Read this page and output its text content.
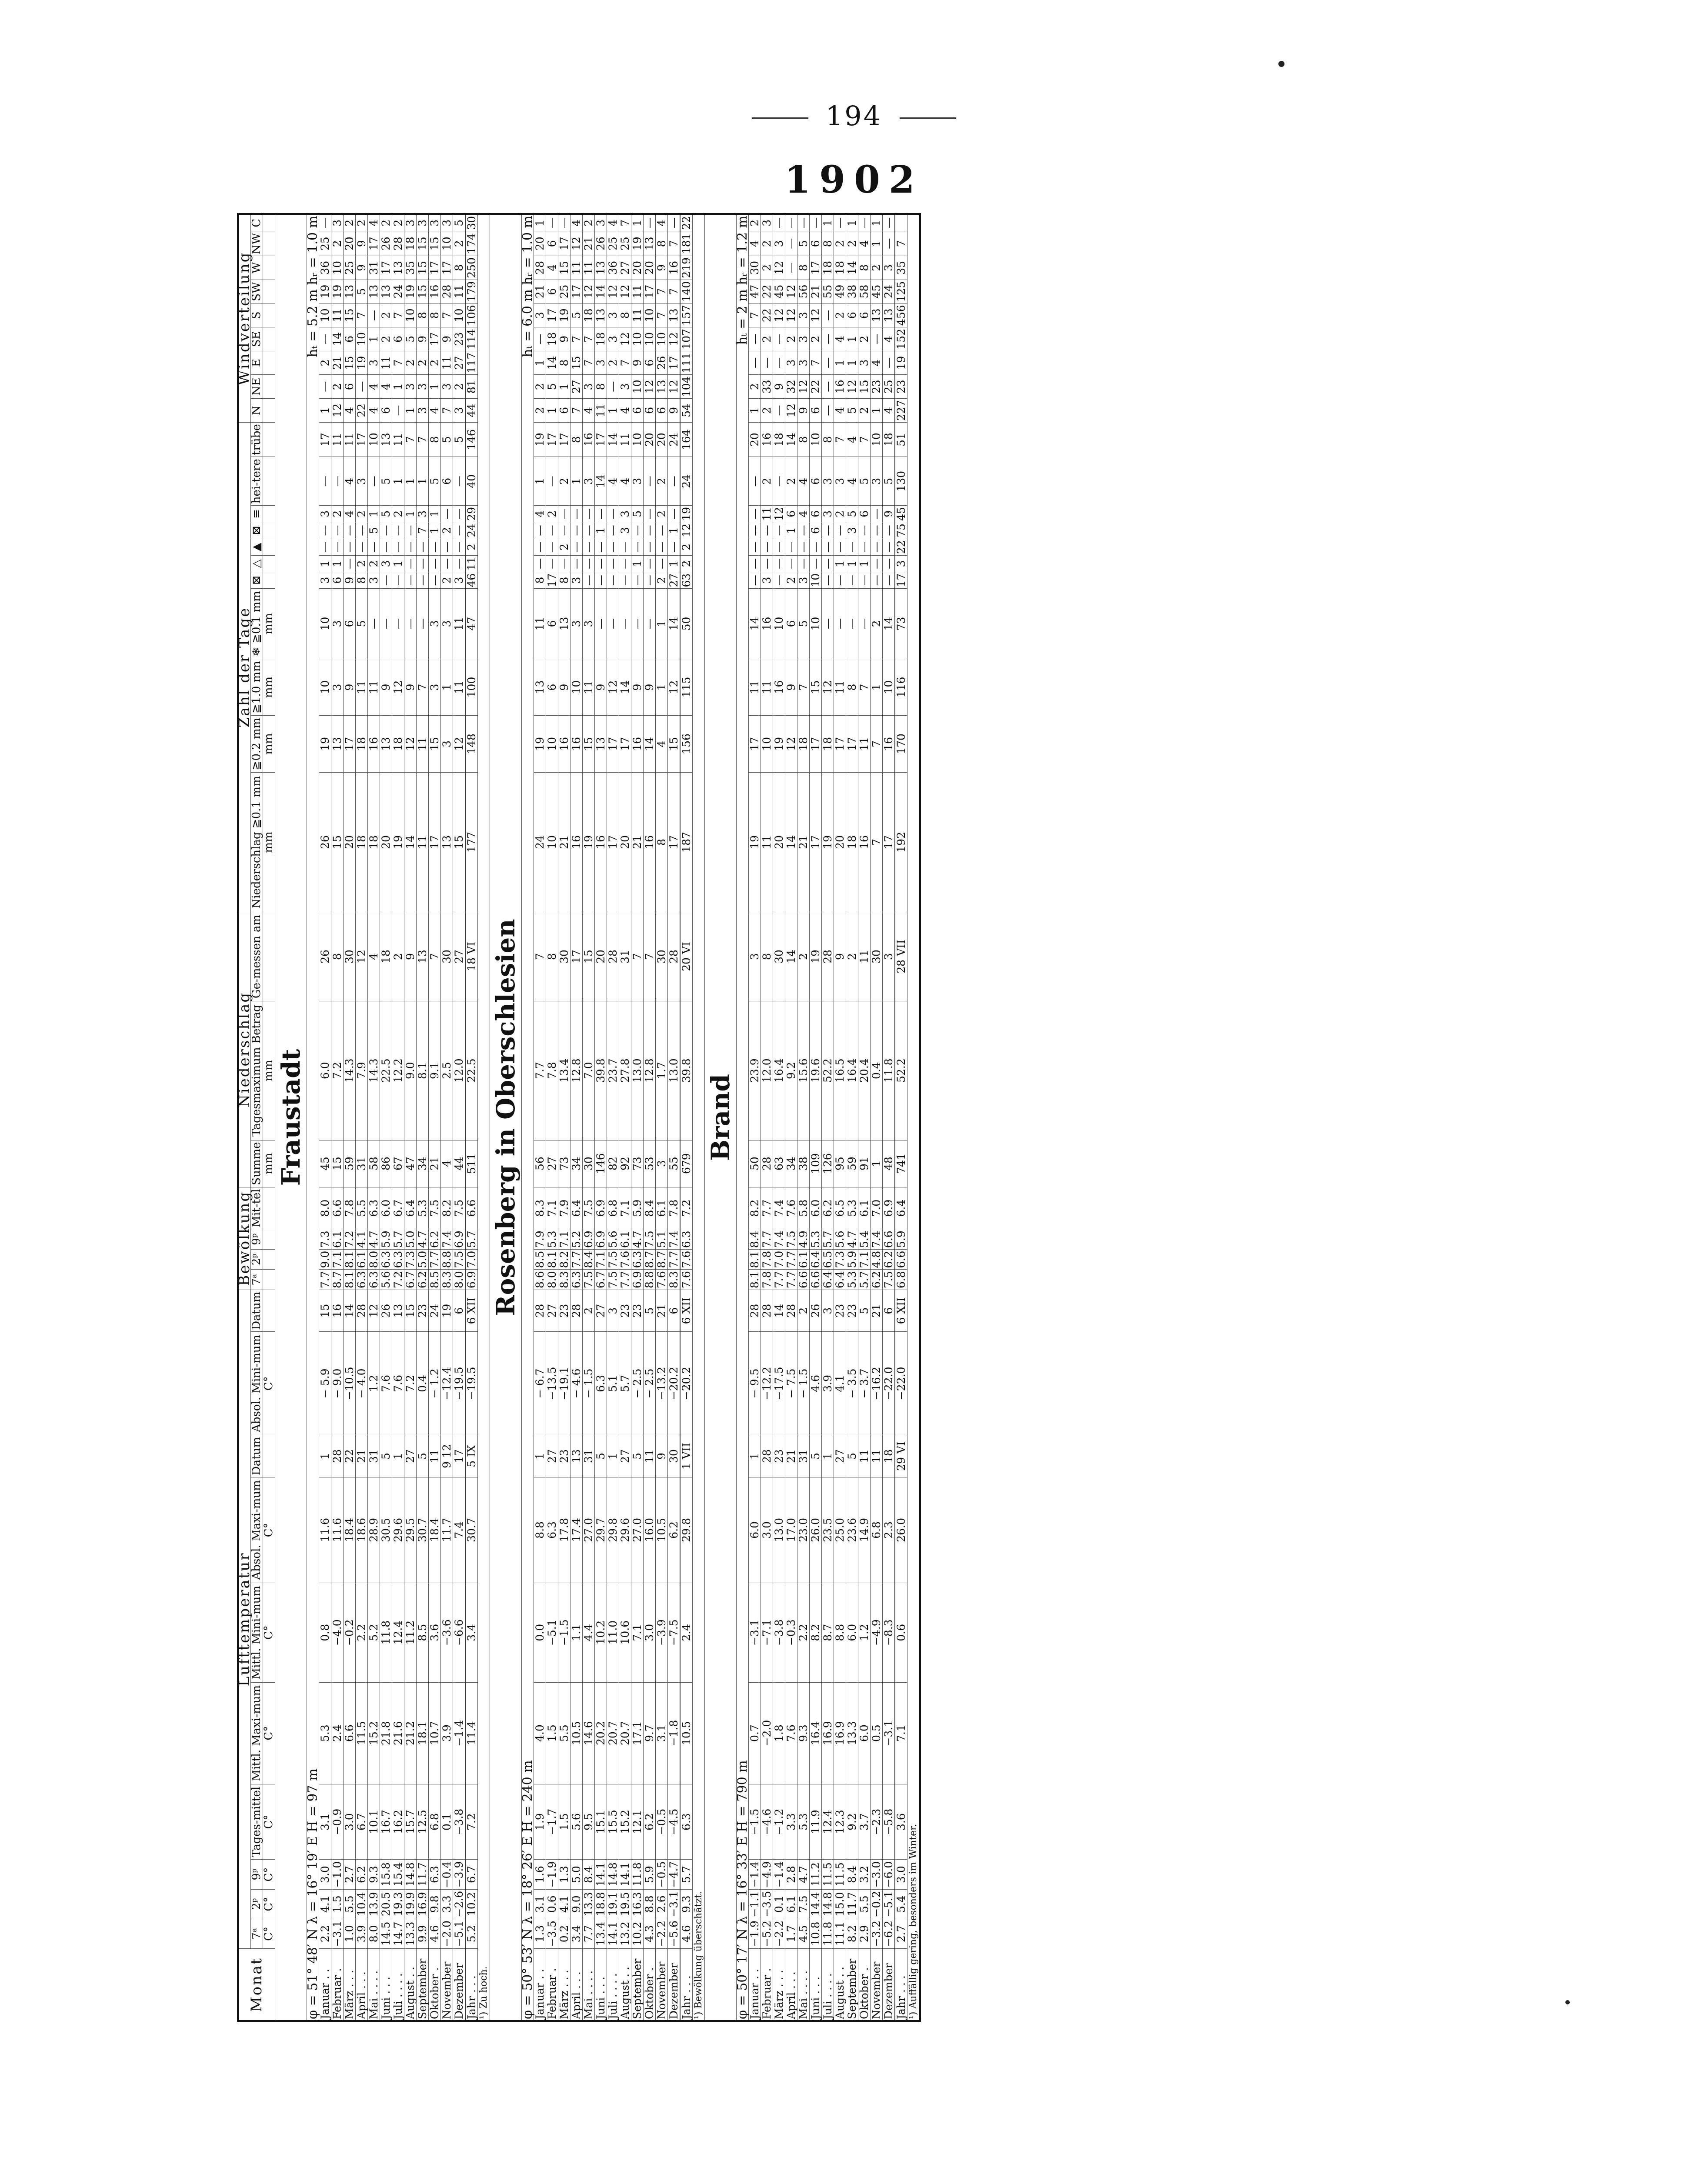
194
1902
Monat	Lufttemperatur										Bewölkung				Niederschlag			Zahl der Tage											Windverteilung								
	7ᵃ	2ᵖ	9ᵖ	Tages-mittel	Mittl. Maxi-mum	Mittl. Mini-mum	Absol. Maxi-mum	Datum	Absol. Mini-mum	Datum	7ᵃ	2ᵖ	9ᵖ	Mit-tel	Summe	Tagesmaximum Betrag	Ge-messen am	Niederschlag ≧0.1 mm	≧0.2 mm	≧1.0 mm	❄ ≧0.1 mm	⊠	△	▲	⊠	≡	hei-tere	trübe	N	NE	E	SE	S	SW	W	NW	C
	C°	C°	C°	C°	C°	C°	C°		C°						mm	mm		mm	mm	mm	mm																
Fraustadt																																					
φ = 51° 48′ N λ = 16° 19′ E H = 97 m																				hₜ = 5.2 m hᵣ = 1.0 m																	
Januar . .	2.2	4.1	3.0	3.1	5.3	0.8	11.6	1	− 5.9	15	7.7	9.0	7.3	8.0	45	6.0	26	26	19	10	10	3	1	—	—	3	—	17	1	—	2	—	10	19	36	25	—
Februar .	−3.1	1.5	−1.0	−0.9	2.4	−4.0	11.6	28	− 9.0	16	8.7	7.1	6.1	6.6	15	7.2	8	15	13	3	3	6	1	—	—	2	—	11	12	2	21	14	11	19	10	2	3
März . . .	1.0	5.5	2.7	3.0	6.6	−0.2	18.4	22	−10.5	14	8.1	8.1	7.2	7.8	59	14.3	30	20	17	9	6	9	—	—	—	4	4	11	4	6	15	6	15	13	25	20	2
April . . .	3.9	10.4	6.2	6.7	11.5	2.2	18.6	21	− 4.0	28	6.3	6.1	4.1	5.5	31	7.9	12	18	18	11	5	8	2	—	—	2	3	17	22	—	19	10	7	5	9	9	2
Mai . . . .	8.0	13.9	9.3	10.1	15.2	5.2	28.9	31	1.2	12	6.3	8.0	4.7	6.3	58	14.3	4	18	16	11	—	3	2	—	5	1	—	10	4	4	3	1	—	13	31	17	4
Juni . . .	14.5	20.5	15.8	16.7	21.8	11.8	30.5	5	7.6	26	5.6	6.3	5.9	6.0	86	22.5	18	20	13	9	—	—	3	—	—	5	5	13	6	4	11	2	2	13	17	26	2
Juli . . . .	14.7	19.3	15.4	16.2	21.6	12.4	29.6	1	7.6	13	7.2	6.3	5.7	6.7	67	12.2	2	19	18	12	—	—	1	—	—	2	1	11	—	1	7	6	7	24	13	28	2
August . .	13.3	19.9	14.8	15.7	21.2	11.2	29.5	27	7.2	15	6.7	7.3	5.0	6.4	47	9.0	9	14	12	9	—	—	—	—	—	1	1	7	1	3	2	5	10	19	35	18	3
September	9.9	16.9	11.7	12.5	18.1	8.5	30.7	5	0.4	23	6.2	5.0	4.7	5.3	34	8.1	13	11	11	7	—	—	—	—	7	3	1	7	3	3	2	9	8	15	15	15	3
Oktober .	4.6	9.8	6.3	6.8	10.7	3.6	18.4	11	− 1.2	24	8.5	7.7	6.2	7.5	21	9.1	7	17	15	3	3	—	—	—	1	1	5	8	4	1	2	17	8	16	17	15	3
November	−2.0	3.3	−0.4	0.1	3.9	−3.6	11.7	9 12	−12.4	19	8.3	8.8	7.4	8.2	4	2.5	30	13	3	1	3	2	—	—	2	—	6	5	7	3	11	9	7	28	17	10	3
Dezember	−5.1	−2.6	−3.9	−3.8	−1.4	−6.6	7.4	17	−19.5	6	8.0	7.5	6.9	7.5	44	12.0	27	15	12	11	11	3	—	—	—	—	—	5	3	2	27	23	10	11	8	2	5
Jahr . . .	5.2	10.2	6.7	7.2	11.4	3.4	30.7	5 IX	−19.5	6 XII	6.9	7.0	5.7	6.6	511	22.5	18 VI	177	148	100	47	46	11	2	24	29	40	146	44	81	117	114	106	179	250	174	30
¹) Zu hoch.																																					
Rosenberg in Oberschlesien																																					
φ = 50° 53′ N λ = 18° 26′ E H = 240 m																				hₜ = 6.0 m hᵣ = 1.0 m																	
Januar . .	1.3	3.1	1.6	1.9	4.0	0.0	8.8	1	− 6.7	28	8.6	8.5	7.9	8.3	56	7.7	7	24	19	13	11	8	—	—	—	4	1	19	2	2	1	—	3	21	28	20	1
Februar .	−3.5	0.6	−1.9	−1.7	1.5	−5.1	6.3	27	−13.5	27	8.0	8.1	5.3	7.1	27	7.8	8	10	10	6	6	17	—	—	—	2	—	17	1	5	14	18	17	6	4	6	—
März . . .	0.2	4.1	1.3	1.5	5.5	−1.5	17.8	23	−19.1	23	8.3	8.2	7.1	7.9	73	13.4	30	21	16	9	13	8	—	2	—	—	2	17	6	1	8	9	19	25	15	17	—
April . . .	3.4	9.0	5.0	5.6	10.5	1.1	17.4	13	− 4.6	28	6.3	7.7	5.2	6.4	34	12.8	17	16	16	10	3	3	—	—	—	—	1	8	7	27	15	7	5	17	11	12	4
Mai . . . .	7.7	13.3	8.4	9.5	14.6	4.4	27.0	31	− 1.5	2	7.5	8.4	6.9	7.5	30	7.0	15	19	15	11	3	—	—	—	—	—	3	16	4	3	7	7	18	12	11	21	2
Juni . . .	13.4	18.8	14.1	15.1	20.2	10.2	29.7	5	6.3	27	6.7	7.1	6.9	6.9	146	39.8	20	16	13	9	—	—	—	—	1	—	14	17	11	8	3	18	13	14	13	26	3
Juli . . . .	14.1	19.1	14.8	15.5	20.7	11.0	29.8	1	5.1	3	7.5	7.5	5.6	6.8	82	23.7	28	17	17	12	—	—	—	—	—	—	4	14	1	—	2	3	3	12	36	25	4
August . .	13.2	19.5	14.1	15.2	20.7	10.6	29.6	27	5.7	23	7.7	7.6	6.1	7.1	92	27.8	31	20	17	14	—	—	—	—	3	3	4	11	4	3	7	12	8	12	27	25	7
September	10.2	16.3	11.8	12.1	17.1	7.1	27.0	5	− 2.5	23	6.9	6.3	4.7	5.9	73	13.0	7	21	16	9	—	—	1	—	—	5	3	10	6	10	9	10	11	11	20	19	1
Oktober .	4.3	8.8	5.9	6.2	9.7	3.0	16.0	11	− 2.5	5	8.8	8.7	7.5	8.4	53	12.8	7	16	14	9	—	—	—	—	—	—	—	20	6	12	6	10	10	17	20	13	—
November	−2.2	2.6	−0.5	−0.5	3.1	−3.9	10.5	9	−13.2	21	7.6	8.7	5.1	6.1	3	1.7	30	8	4	1	1	2	—	—	—	2	2	20	6	13	26	10	7	7	9	8	4
Dezember	−5.6	−3.1	−4.7	−4.5	−1.8	−7.5	6.2	30	−20.2	6	8.3	7.7	7.4	7.8	55	13.0	28	17	15	12	14	27	1	—	1	—	—	24	9	12	17	12	13	7	16	7	—
Jahr . . .	4.6	9.3	5.7	6.3	10.5	2.4	29.8	1 VII	−20.2	6 XII	7.6	7.6	6.3	7.2	679	39.8	20 VI	187	156	115	50	63	2	2	12	19	24	164	54	104	111	107	157	140	219	181	22
¹) Bewölkung überschätzt.																																					
Brand																																					
φ = 50° 17′ N λ = 16° 33′ E H = 790 m																				hₜ = 2 m hᵣ = 1.2 m																	
Januar . .	−1.9	−1.1	−1.4	−1.5	0.7	−3.1	6.0	1	− 9.5	28	8.1	8.1	8.4	8.2	50	23.9	3	19	17	11	14	—	—	—	—	—	—	20	1	2	—	—	7	47	30	4	2
Februar .	−5.2	−3.5	−4.9	−4.6	−2.0	−7.1	3.0	28	−12.2	28	7.8	7.8	7.7	7.7	28	12.0	8	11	10	11	16	3	—	—	—	11	2	16	2	33	—	2	22	22	2	2	3
März . . .	−2.2	0.1	−1.4	−1.2	1.8	−3.8	13.0	23	−17.5	14	7.7	7.0	7.4	7.4	63	16.4	30	20	19	16	10	—	—	—	—	12	—	18	—	9	—	—	12	45	12	3	—
April . . .	1.7	6.1	2.8	3.3	7.6	−0.3	17.0	21	− 7.5	28	7.7	7.7	7.5	7.6	34	9.2	14	14	12	9	6	2	—	—	1	6	2	14	12	32	3	2	12	12	—	—	—
Mai . . . .	4.5	7.5	4.7	5.3	9.3	2.2	23.0	31	− 1.5	2	6.6	6.1	4.9	5.8	38	15.6	2	21	18	7	5	3	—	—	—	4	4	8	9	12	3	3	3	56	8	5	—
Juni . . .	10.8	14.4	11.2	11.9	16.4	8.2	26.0	5	4.6	26	6.6	6.4	5.3	6.0	109	19.6	19	17	17	15	10	10	—	—	6	6	6	10	6	22	7	2	12	21	17	6	—
Juli . . . .	11.8	14.8	11.5	12.4	16.9	8.7	23.5	1	3.9	3	6.4	6.5	5.7	6.2	126	52.2	28	19	18	12	—	—	—	—	—	3	3	8	—	—	—	—	—	55	18	8	1
August . .	11.1	15.0	11.5	12.3	16.9	8.8	25.0	27	4.1	23	6.4	7.3	5.6	6.5	95	16.5	9	20	17	11	—	—	1	—	—	2	3	7	4	16	1	4	2	49	18	2	—
September	8.2	11.7	8.4	9.2	13.3	6.0	23.6	5	− 3.5	23	5.3	5.9	4.7	5.3	59	16.4	2	18	17	8	—	—	1	—	3	5	4	4	5	12	1	1	6	38	14	2	1
Oktober .	2.9	5.5	3.2	3.7	6.0	1.2	14.9	11	− 3.7	5	5.7	7.1	5.4	6.1	91	20.4	11	16	11	7	—	—	1	—	—	6	5	7	2	15	3	2	6	58	8	4	—
November	−3.2	−0.2	−3.0	−2.3	0.5	−4.9	6.8	11	−16.2	21	6.2	4.8	7.4	7.0	1	0.4	30	7	7	1	2	—	—	—	—	—	3	10	1	23	4	—	13	45	2	1	1
Dezember	−6.2	−5.1	−6.0	−5.8	−3.1	−8.3	2.3	18	−22.0	6	7.5	6.2	6.6	6.9	48	11.8	3	17	16	10	14	—	—	—	—	9	5	18	4	25	—	4	13	24	3	—	—
Jahr . . .	2.7	5.4	3.0	3.6	7.1	0.6	26.0	29 VI	−22.0	6 XII	6.8	6.6	5.9	6.4	741	52.2	28 VII	192	170	116	73	17	3	22	75	45	130	51	227	23	19	152	456	125	35	7	
¹) Auffällig gering, besonders im Winter.																																					
